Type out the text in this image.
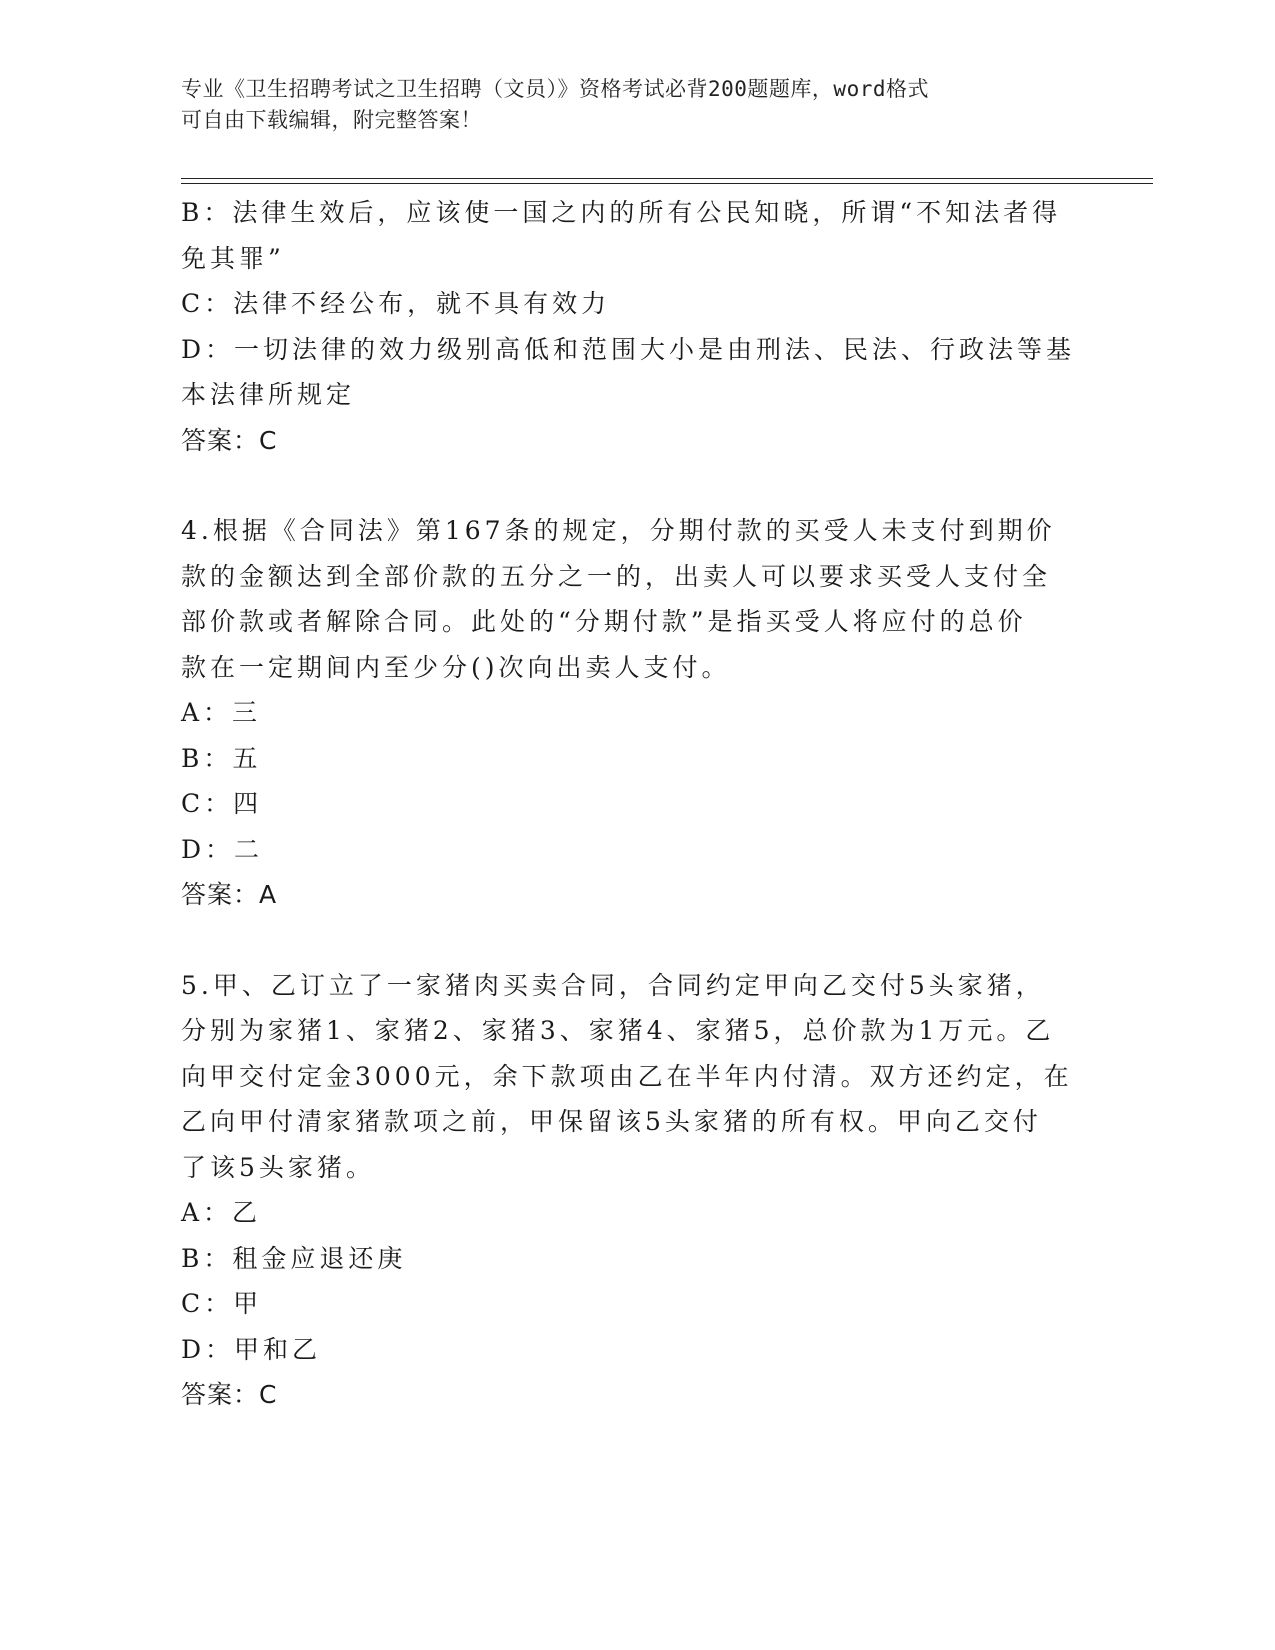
专业《卫生招聘考试之卫生招聘（文员）》资格考试必背200题题库，word格式
可自由下载编辑，附完整答案！
B：法律生效后，应该使一国之内的所有公民知晓，所谓“不知法者得
免其罪”
C：法律不经公布，就不具有效力
D：一切法律的效力级别高低和范围大小是由刑法、民法、行政法等基
本法律所规定
答案：C
4.根据《合同法》第167条的规定，分期付款的买受人未支付到期价
款的金额达到全部价款的五分之一的，出卖人可以要求买受人支付全
部价款或者解除合同。此处的“分期付款”是指买受人将应付的总价
款在一定期间内至少分()次向出卖人支付。
A：三
B：五
C：四
D：二
答案：A
5.甲、乙订立了一家猪肉买卖合同，合同约定甲向乙交付5头家猪，
分别为家猪1、家猪2、家猪3、家猪4、家猪5，总价款为1万元。乙
向甲交付定金3000元，余下款项由乙在半年内付清。双方还约定，在
乙向甲付清家猪款项之前，甲保留该5头家猪的所有权。甲向乙交付
了该5头家猪。
A：乙
B：租金应退还庚
C：甲
D：甲和乙
答案：C
